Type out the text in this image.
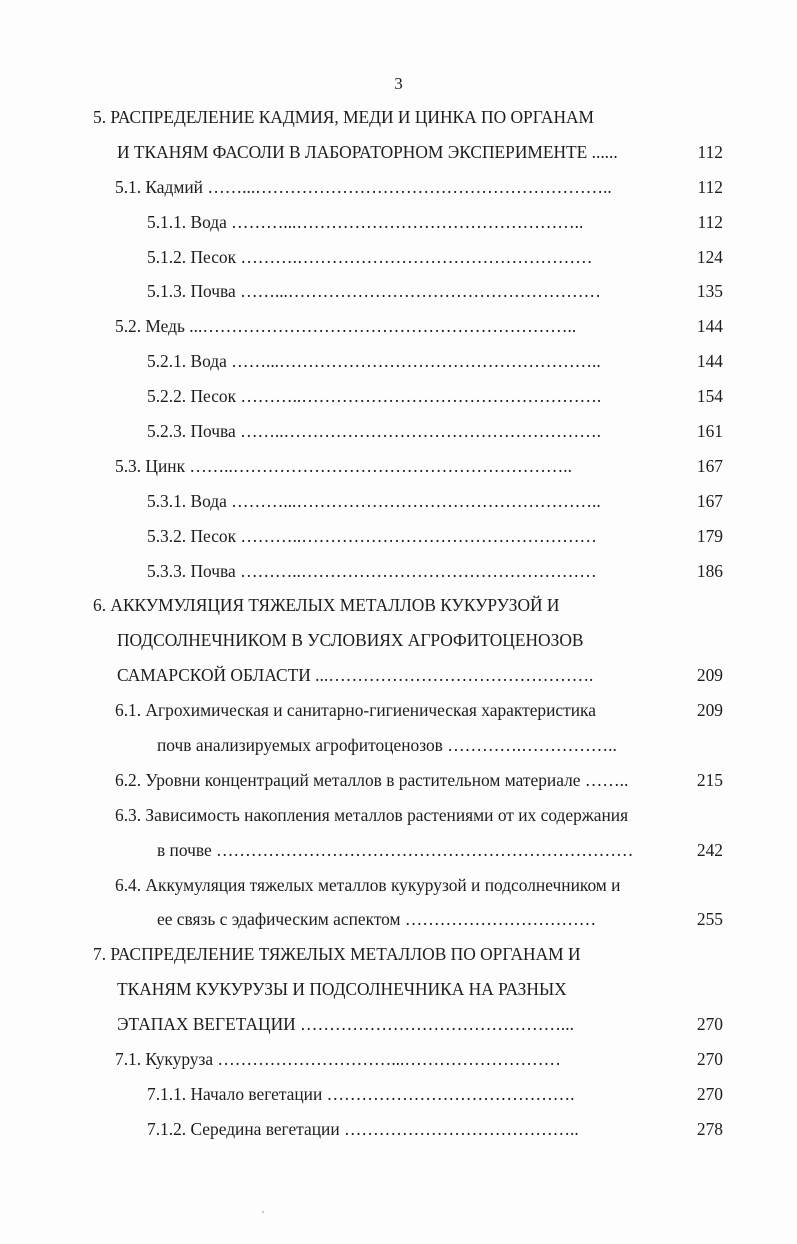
3
5. РАСПРЕДЕЛЕНИЕ КАДМИЯ, МЕДИ И ЦИНКА ПО ОРГАНАМ
И ТКАНЯМ ФАСОЛИ В ЛАБОРАТОРНОМ ЭКСПЕРИМЕНТЕ ......	112
5.1. Кадмий ……...……………………………………………………..	112
5.1.1. Вода ………...…………………………………………..	112
5.1.2. Песок ……….……………………………………………	124
5.1.3. Почва ……...………………………………………………	135
5.2. Медь ...………………………………………………………..	144
5.2.1. Вода ……...………………………………………………..	144
5.2.2. Песок ………..…………………………………………….	154
5.2.3. Почва ……..……………………………………………….	161
5.3. Цинк ……..…………………………………………………..	167
5.3.1. Вода ………...……………………………………………..	167
5.3.2. Песок ………..……………………………………………	179
5.3.3. Почва ………..……………………………………………	186
6. АККУМУЛЯЦИЯ ТЯЖЕЛЫХ МЕТАЛЛОВ КУКУРУЗОЙ И
ПОДСОЛНЕЧНИКОМ В УСЛОВИЯХ АГРОФИТОЦЕНОЗОВ
САМАРСКОЙ ОБЛАСТИ ...……………………………………….	209
6.1. Агрохимическая и санитарно-гигиеническая характеристика	209
почв анализируемых агрофитоценозов ………….……………..
6.2. Уровни концентраций металлов в растительном материале ……..	215
6.3. Зависимость накопления металлов растениями от их содержания
в почве ………………………………………………………………	242
6.4. Аккумуляция тяжелых металлов кукурузой и подсолнечником и
ее связь с эдафическим аспектом ……………………………	255
7. РАСПРЕДЕЛЕНИЕ ТЯЖЕЛЫХ МЕТАЛЛОВ ПО ОРГАНАМ И
ТКАНЯМ КУКУРУЗЫ И ПОДСОЛНЕЧНИКА НА РАЗНЫХ
ЭТАПАХ ВЕГЕТАЦИИ ………………………………………...	270
7.1. Кукуруза …………………………...………………………	270
7.1.1. Начало вегетации …………………………………….	270
7.1.2. Середина вегетации …………………………………..	278
